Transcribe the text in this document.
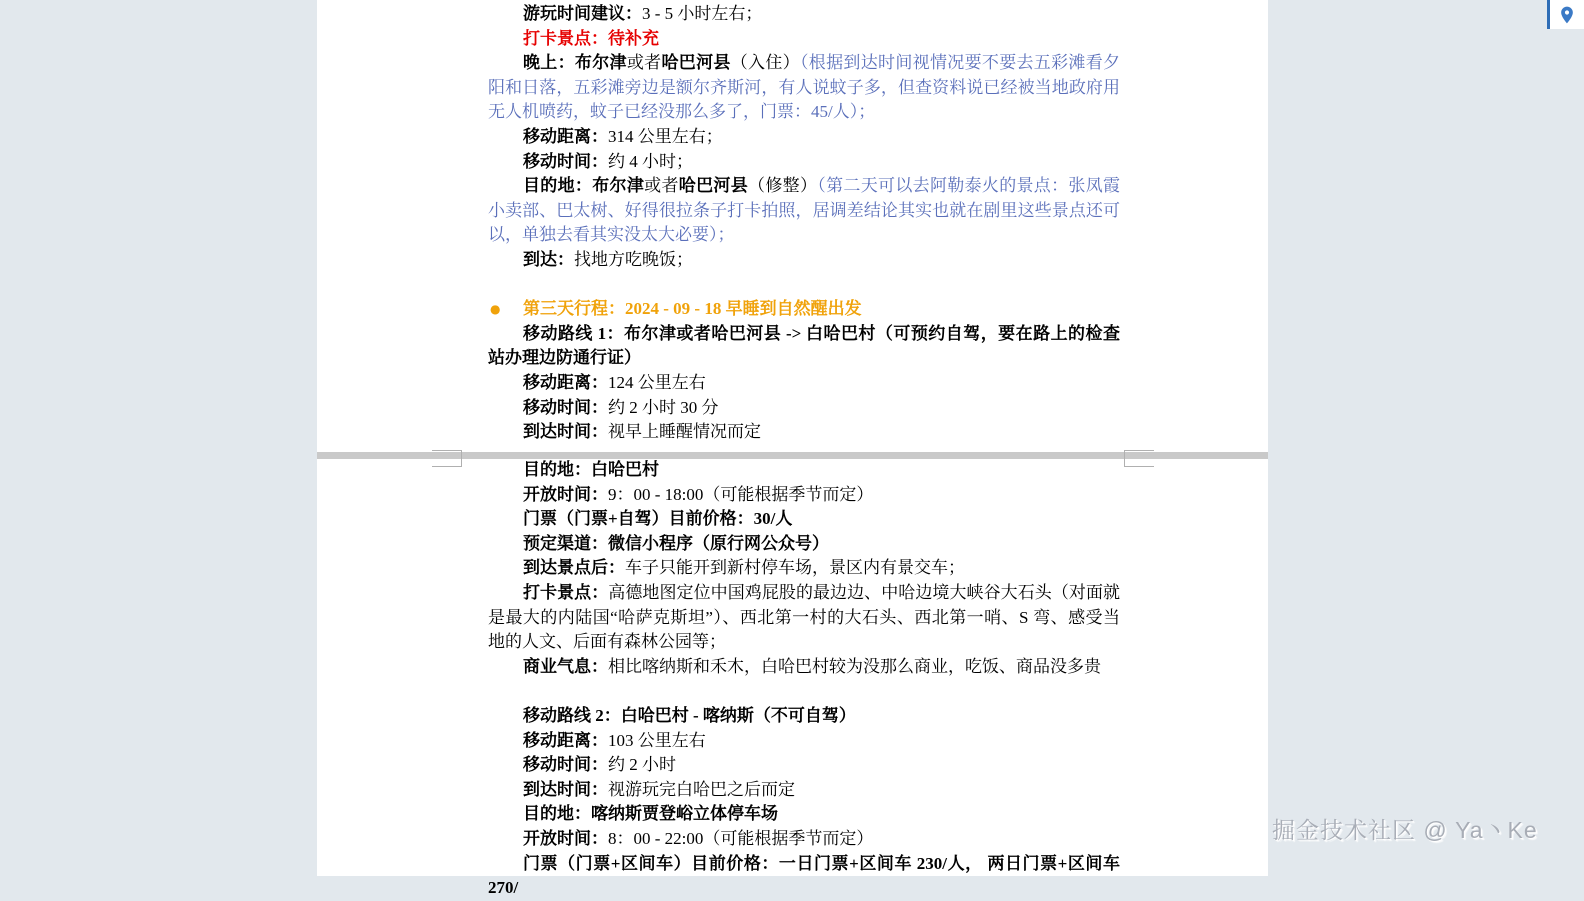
游玩时间建议：3 - 5 小时左右；
打卡景点：待补充
晚上：布尔津或者哈巴河县（入住）（根据到达时间视情况要不要去五彩滩看夕阳和日落，五彩滩旁边是额尔齐斯河，有人说蚊子多，但查资料说已经被当地政府用无人机喷药，蚊子已经没那么多了，门票：45/人）；
移动距离：314 公里左右；
移动时间：约 4 小时；
目的地：布尔津或者哈巴河县（修整）（第二天可以去阿勒泰火的景点：张凤霞小卖部、巴太树、好得很拉条子打卡拍照，居调差结论其实也就在剧里这些景点还可以，单独去看其实没太大必要）；
到达：找地方吃晚饭；

● 第三天行程：2024 - 09 - 18 早睡到自然醒出发
移动路线 1：布尔津或者哈巴河县 -> 白哈巴村（可预约自驾，要在路上的检查站办理边防通行证）
移动距离：124 公里左右
移动时间：约 2 小时 30 分
到达时间：视早上睡醒情况而定
目的地：白哈巴村
开放时间：9：00 - 18:00（可能根据季节而定）
门票（门票+自驾）目前价格：30/人
预定渠道：微信小程序（原行网公众号）
到达景点后：车子只能开到新村停车场，景区内有景交车；
打卡景点：高德地图定位中国鸡屁股的最边边、中哈边境大峡谷大石头（对面就是最大的内陆国“哈萨克斯坦”）、西北第一村的大石头、西北第一哨、S 弯、感受当地的人文、后面有森林公园等；
商业气息：相比喀纳斯和禾木，白哈巴村较为没那么商业，吃饭、商品没多贵

移动路线 2：白哈巴村 - 喀纳斯（不可自驾）
移动距离：103 公里左右
移动时间：约 2 小时
到达时间：视游玩完白哈巴之后而定
目的地：喀纳斯贾登峪立体停车场
开放时间：8：00 - 22:00（可能根据季节而定）
门票（门票+区间车）目前价格：一日门票+区间车 230/人， 两日门票+区间车 270/
掘金技术社区 @ Ya丶Ke
